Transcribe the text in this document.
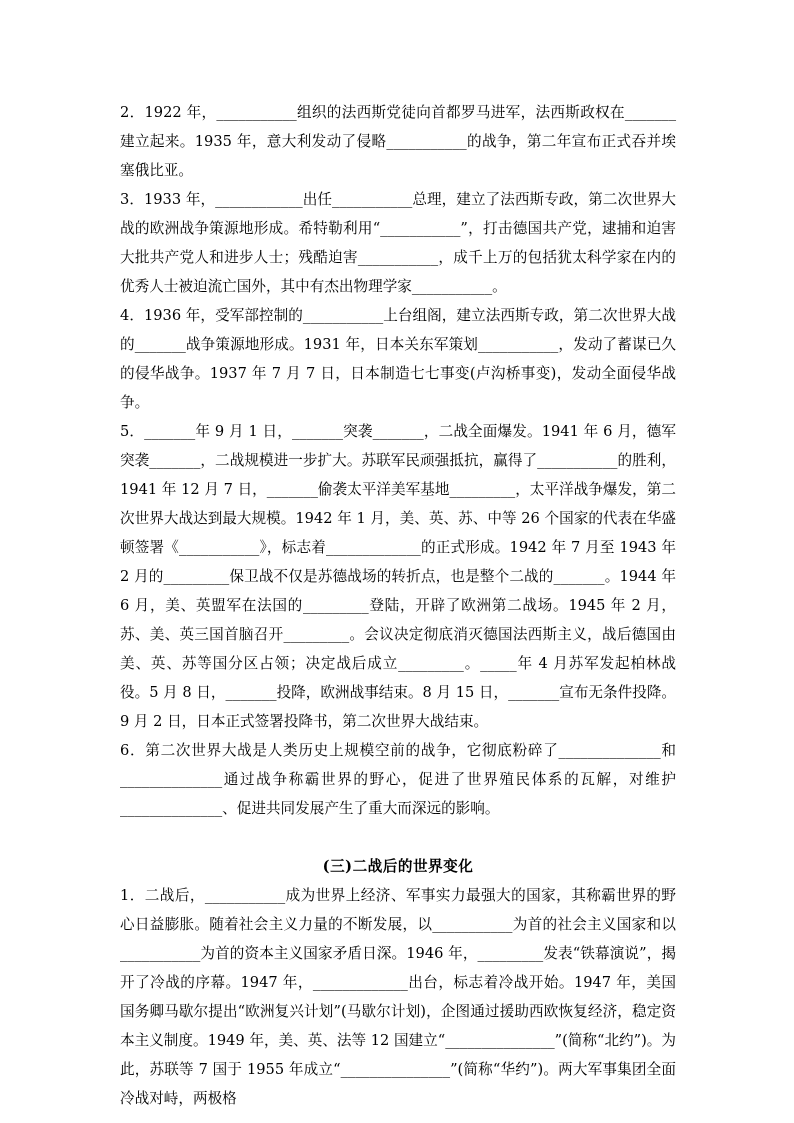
2．1922 年，___________组织的法西斯党徒向首都罗马进军，法西斯政权在_______建立起来。1935 年，意大利发动了侵略___________的战争，第二年宣布正式吞并埃塞俄比亚。

3．1933 年，____________出任___________总理，建立了法西斯专政，第二次世界大战的欧洲战争策源地形成。希特勒利用“___________”，打击德国共产党，逮捕和迫害大批共产党人和进步人士；残酷迫害___________，成千上万的包括犹太科学家在内的优秀人士被迫流亡国外，其中有杰出物理学家___________。

4．1936 年，受军部控制的___________上台组阁，建立法西斯专政，第二次世界大战的_______战争策源地形成。1931 年，日本关东军策划___________，发动了蓄谋已久的侵华战争。1937 年 7 月 7 日，日本制造七七事变(卢沟桥事变)，发动全面侵华战争。

5．_______年 9 月 1 日，_______突袭_______，二战全面爆发。1941 年 6 月，德军突袭_______，二战规模进一步扩大。苏联军民顽强抵抗，赢得了___________的胜利，1941 年 12 月 7 日，_______偷袭太平洋美军基地_________，太平洋战争爆发，第二次世界大战达到最大规模。1942 年 1 月，美、英、苏、中等 26 个国家的代表在华盛顿签署《___________》，标志着_____________的正式形成。1942 年 7 月至 1943 年 2 月的_________保卫战不仅是苏德战场的转折点，也是整个二战的_______。1944 年 6 月，美、英盟军在法国的_________登陆，开辟了欧洲第二战场。1945 年 2 月，苏、美、英三国首脑召开_________。会议决定彻底消灭德国法西斯主义，战后德国由美、英、苏等国分区占领；决定战后成立_________。_____年 4 月苏军发起柏林战役。5 月 8 日，_______投降，欧洲战事结束。8 月 15 日，_______宣布无条件投降。9 月 2 日，日本正式签署投降书，第二次世界大战结束。

6．第二次世界大战是人类历史上规模空前的战争，它彻底粉碎了______________和______________通过战争称霸世界的野心，促进了世界殖民体系的瓦解，对维护______________、促进共同发展产生了重大而深远的影响。

(三)二战后的世界变化

1．二战后，___________成为世界上经济、军事实力最强大的国家，其称霸世界的野心日益膨胀。随着社会主义力量的不断发展，以___________为首的社会主义国家和以___________为首的资本主义国家矛盾日深。1946 年，_________发表“铁幕演说”，揭开了冷战的序幕。1947 年，_____________出台，标志着冷战开始。1947 年，美国国务卿马歇尔提出“欧洲复兴计划”(马歇尔计划)，企图通过援助西欧恢复经济，稳定资本主义制度。1949 年，美、英、法等 12 国建立“_______________”(简称“北约”)。为此，苏联等 7 国于 1955 年成立“_______________”(简称“华约”)。两大军事集团全面冷战对峙，两极格
